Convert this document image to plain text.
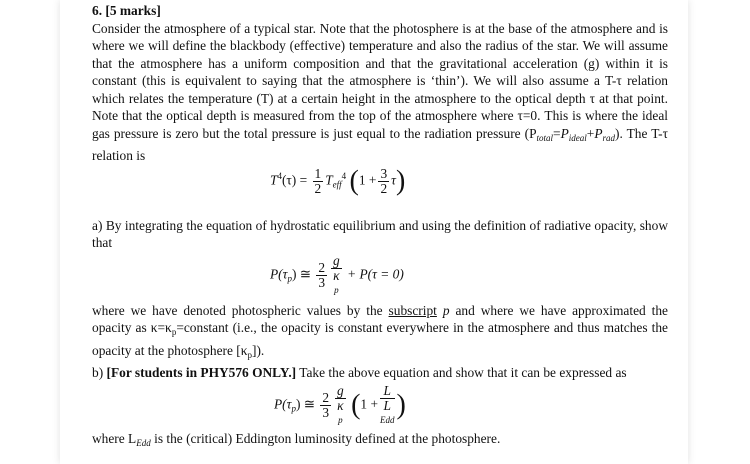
6. [5 marks]

Consider the atmosphere of a typical star. Note that the photosphere is at the base of the atmosphere and is where we will define the blackbody (effective) temperature and also the radius of the star. We will assume that the atmosphere has a uniform composition and that the gravitational acceleration (g) within it is constant (this is equivalent to saying that the atmosphere is ‘thin’). We will also assume a T-τ relation which relates the temperature (T) at a certain height in the atmosphere to the optical depth τ at that point. Note that the optical depth is measured from the top of the atmosphere where τ=0. This is where the ideal gas pressure is zero but the total pressure is just equal to the radiation pressure $(P_{total}=P_{ideal}+P_{rad})$. The T-τ relation is

$T^4(\tau) = \frac{1}{2} T_{eff}^4$ $(1 + \frac{3}{2} \tau)$

a) By integrating the equation of hydrostatic equilibrium and using the definition of radiative opacity, show that

$P(\tau_p)$ ≅ $\frac{2}{3}$ g
κ
p + P(τ = 0)

where we have denoted photospheric values by the subscript p and where we have approximated the opacity as $\kappa=\kappa_p=constant$ (i.e., the opacity is constant everywhere in the atmosphere and thus matches the opacity at the photosphere $[\kappa_p]$).

b) [For students in PHY576 ONLY.] Take the above equation and show that it can be expressed as

$P(\tau_p)$ ≅ $\frac{2}{3}$ g
κ
p (1 + L
L
Edd )

where $L_{Edd}$ is the (critical) Eddington luminosity defined at the photosphere.
